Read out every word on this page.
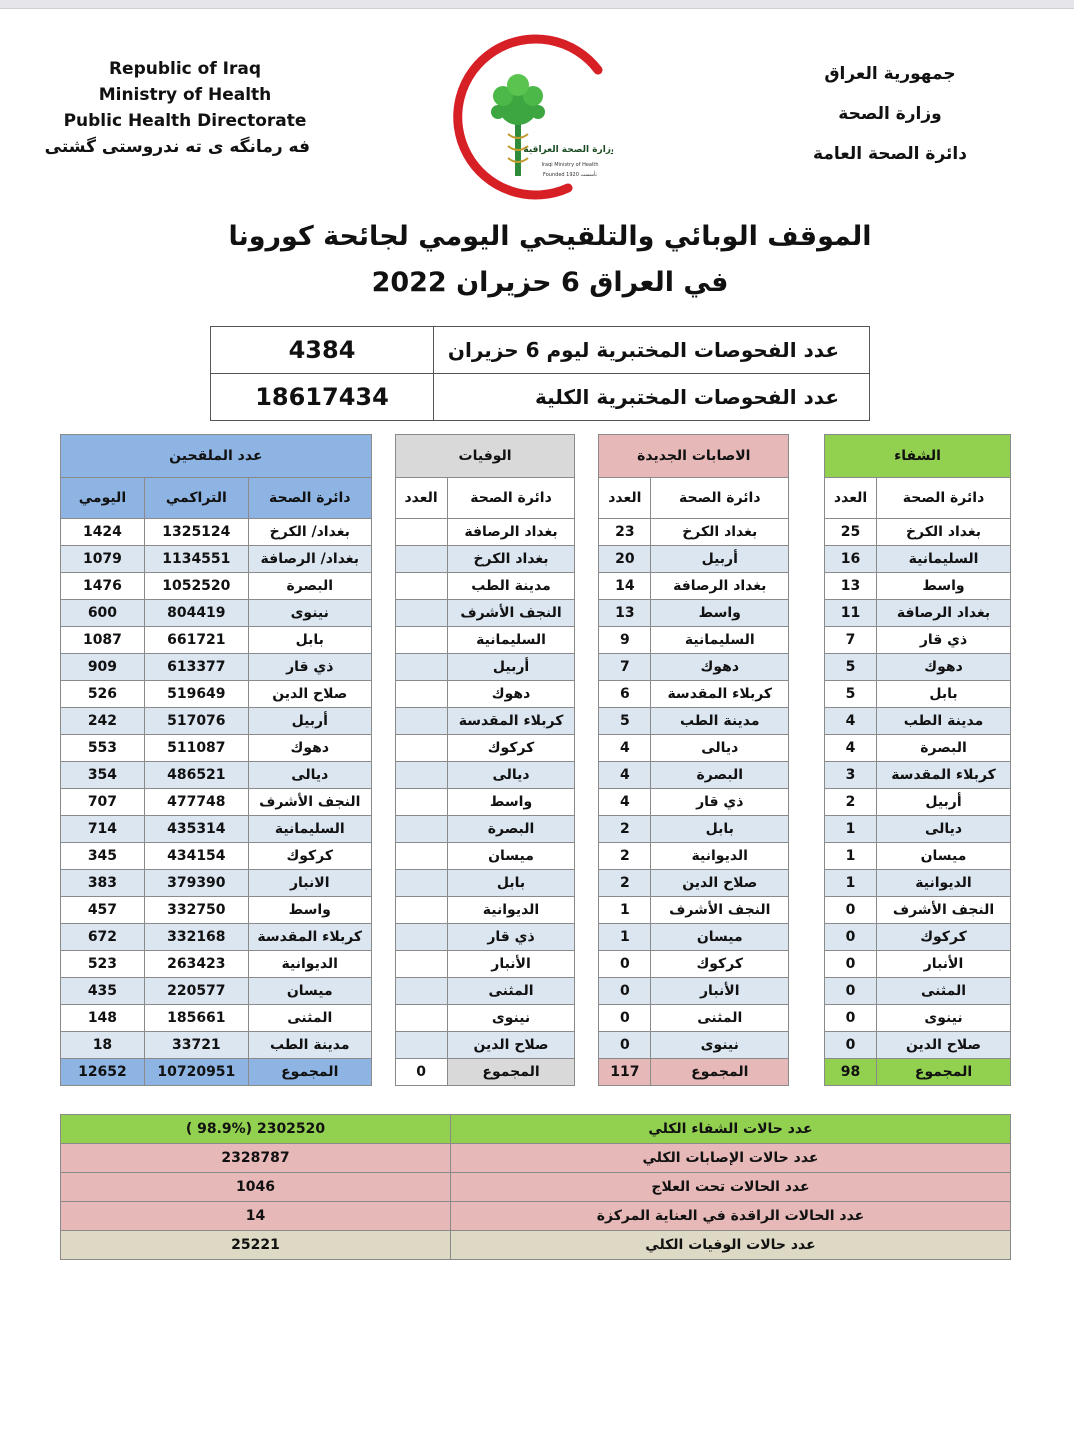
Republic of Iraq
Ministry of Health
Public Health Directorate
فه رمانگه ى ته ندروستى گشتى	وزارة الصحة العراقية
Iraqi Ministry of Health
Founded 1920 تأسست
جمهورية العراق
وزارة الصحة
دائرة الصحة العامة
الموقف الوبائي والتلقيحي اليومي لجائحة كورونا
في العراق 6 حزيران 2022
4384	عدد الفحوصات المختبرية ليوم 6 حزيران
18617434	عدد الفحوصات المختبرية الكلية
عدد الملقحين				الوفيات			الاصابات الجديدة			الشفاء	
اليومي	التراكمي	دائرة الصحة		العدد	دائرة الصحة		العدد	دائرة الصحة		العدد	دائرة الصحة
1424	1325124	بغداد/ الكرخ			بغداد الرصافة		23	بغداد الكرخ		25	بغداد الكرخ
1079	1134551	بغداد/ الرصافة			بغداد الكرخ		20	أربيل		16	السليمانية
1476	1052520	البصرة			مدينة الطب		14	بغداد الرصافة		13	واسط
600	804419	نينوى			النجف الأشرف		13	واسط		11	بغداد الرصافة
1087	661721	بابل			السليمانية		9	السليمانية		7	ذي قار
909	613377	ذي قار			أربيل		7	دهوك		5	دهوك
526	519649	صلاح الدين			دهوك		6	كربلاء المقدسة		5	بابل
242	517076	أربيل			كربلاء المقدسة		5	مدينة الطب		4	مدينة الطب
553	511087	دهوك			كركوك		4	ديالى		4	البصرة
354	486521	ديالى			ديالى		4	البصرة		3	كربلاء المقدسة
707	477748	النجف الأشرف			واسط		4	ذي قار		2	أربيل
714	435314	السليمانية			البصرة		2	بابل		1	ديالى
345	434154	كركوك			ميسان		2	الديوانية		1	ميسان
383	379390	الانبار			بابل		2	صلاح الدين		1	الديوانية
457	332750	واسط			الديوانية		1	النجف الأشرف		0	النجف الأشرف
672	332168	كربلاء المقدسة			ذي قار		1	ميسان		0	كركوك
523	263423	الديوانية			الأنبار		0	كركوك		0	الأنبار
435	220577	ميسان			المثنى		0	الأنبار		0	المثنى
148	185661	المثنى			نينوى		0	المثنى		0	نينوى
18	33721	مدينة الطب			صلاح الدين		0	نينوى		0	صلاح الدين
12652	10720951	المجموع		0	المجموع		117	المجموع		98	المجموع
( 98.9%) 2302520	عدد حالات الشفاء الكلي
2328787	عدد حالات الإصابات الكلي
1046	عدد الحالات تحت العلاج
14	عدد الحالات الراقدة في العناية المركزة
25221	عدد حالات الوفيات الكلي
